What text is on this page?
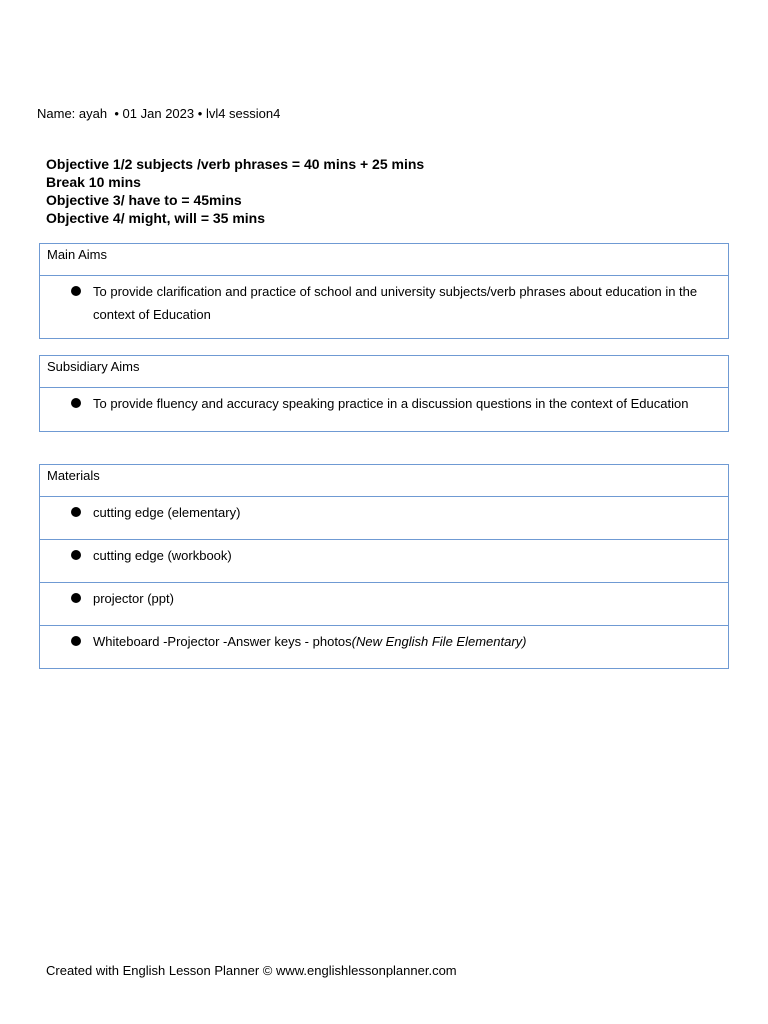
Name: ayah • 01 Jan 2023 • lvl4 session4
Objective 1/2 subjects /verb phrases = 40 mins + 25 mins
Break 10 mins
Objective 3/ have to = 45mins
Objective 4/ might, will = 35 mins
Main Aims
To provide clarification and practice of school and university subjects/verb phrases about education in the context of Education
Subsidiary Aims
To provide fluency and accuracy speaking practice in a discussion questions in the context of Education
Materials
cutting edge (elementary)
cutting edge (workbook)
projector (ppt)
Whiteboard -Projector -Answer keys - photos(New English File Elementary)
Created with English Lesson Planner © www.englishlessonplanner.com
